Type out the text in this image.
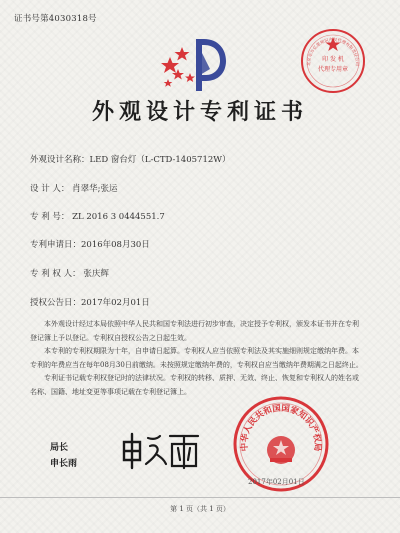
证书号第4030318号
印 发 机
代理专用章
北京东方亿思知识产权代理有限责任公司
外观设计专利证书
外观设计名称：LED 窗台灯（L-CTD-1405712W）
设 计 人： 肖翠华;张运
专 利 号： ZL 2016 3 0444551.7
专利申请日：2016年08月30日
专 利 权 人： 张庆辉
授权公告日：2017年02月01日

本外观设计经过本局依照中华人民共和国专利法进行初步审查，决定授予专利权，颁发本证书并在专利登记簿上予以登记。专利权自授权公告之日起生效。

本专利的专利权期限为十年，自申请日起算。专利权人应当依照专利法及其实施细则规定缴纳年费。本专利的年费应当在每年08月30日前缴纳。未按照规定缴纳年费的，专利权自应当缴纳年费期满之日起终止。

专利证书记载专利权登记时的法律状况。专利权的转移、质押、无效、终止、恢复和专利权人的姓名或名称、国籍、地址变更等事项记载在专利登记簿上。

局长
申长雨
中华人民共和国国家知识产权局
2017年02月01日
第 1 页（共 1 页）
